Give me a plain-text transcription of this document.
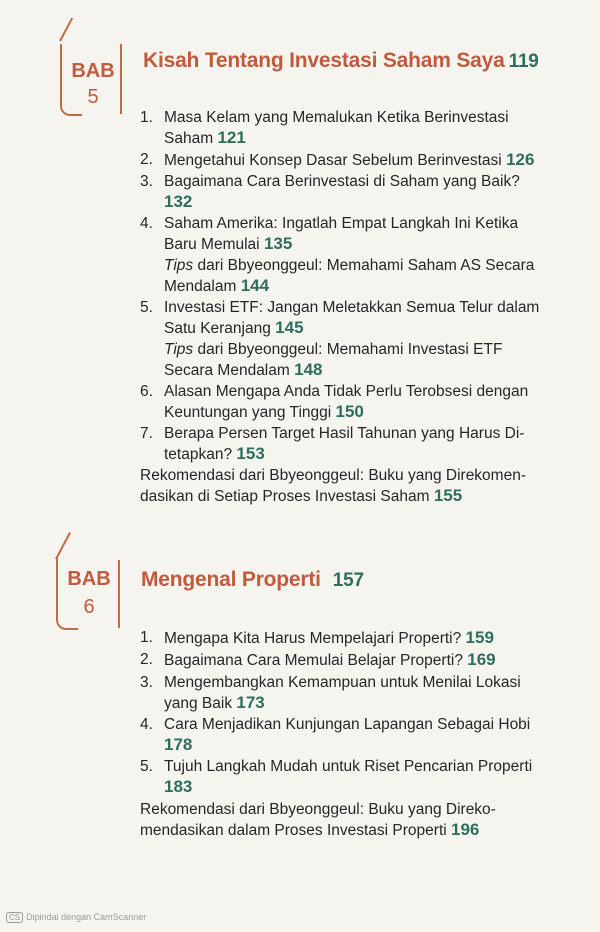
BAB
5
Kisah Tentang Investasi Saham Saya 119
1. Masa Kelam yang Memalukan Ketika Berinvestasi
Saham 121
2. Mengetahui Konsep Dasar Sebelum Berinvestasi 126
3. Bagaimana Cara Berinvestasi di Saham yang Baik?
132
4. Saham Amerika: Ingatlah Empat Langkah Ini Ketika
Baru Memulai 135
Tips dari Bbyeonggeul: Memahami Saham AS Secara
Mendalam 144
5. Investasi ETF: Jangan Meletakkan Semua Telur dalam
Satu Keranjang 145
Tips dari Bbyeonggeul: Memahami Investasi ETF
Secara Mendalam 148
6. Alasan Mengapa Anda Tidak Perlu Terobsesi dengan
Keuntungan yang Tinggi 150
7. Berapa Persen Target Hasil Tahunan yang Harus Di-
tetapkan? 153
Rekomendasi dari Bbyeonggeul: Buku yang Direkomen-
dasikan di Setiap Proses Investasi Saham 155
BAB
6
Mengenal Properti 157
1. Mengapa Kita Harus Mempelajari Properti? 159
2. Bagaimana Cara Memulai Belajar Properti? 169
3. Mengembangkan Kemampuan untuk Menilai Lokasi
yang Baik 173
4. Cara Menjadikan Kunjungan Lapangan Sebagai Hobi
178
5. Tujuh Langkah Mudah untuk Riset Pencarian Properti
183
Rekomendasi dari Bbyeonggeul: Buku yang Direko-
mendasikan dalam Proses Investasi Properti 196
CS Dipindai dengan CamScanner
